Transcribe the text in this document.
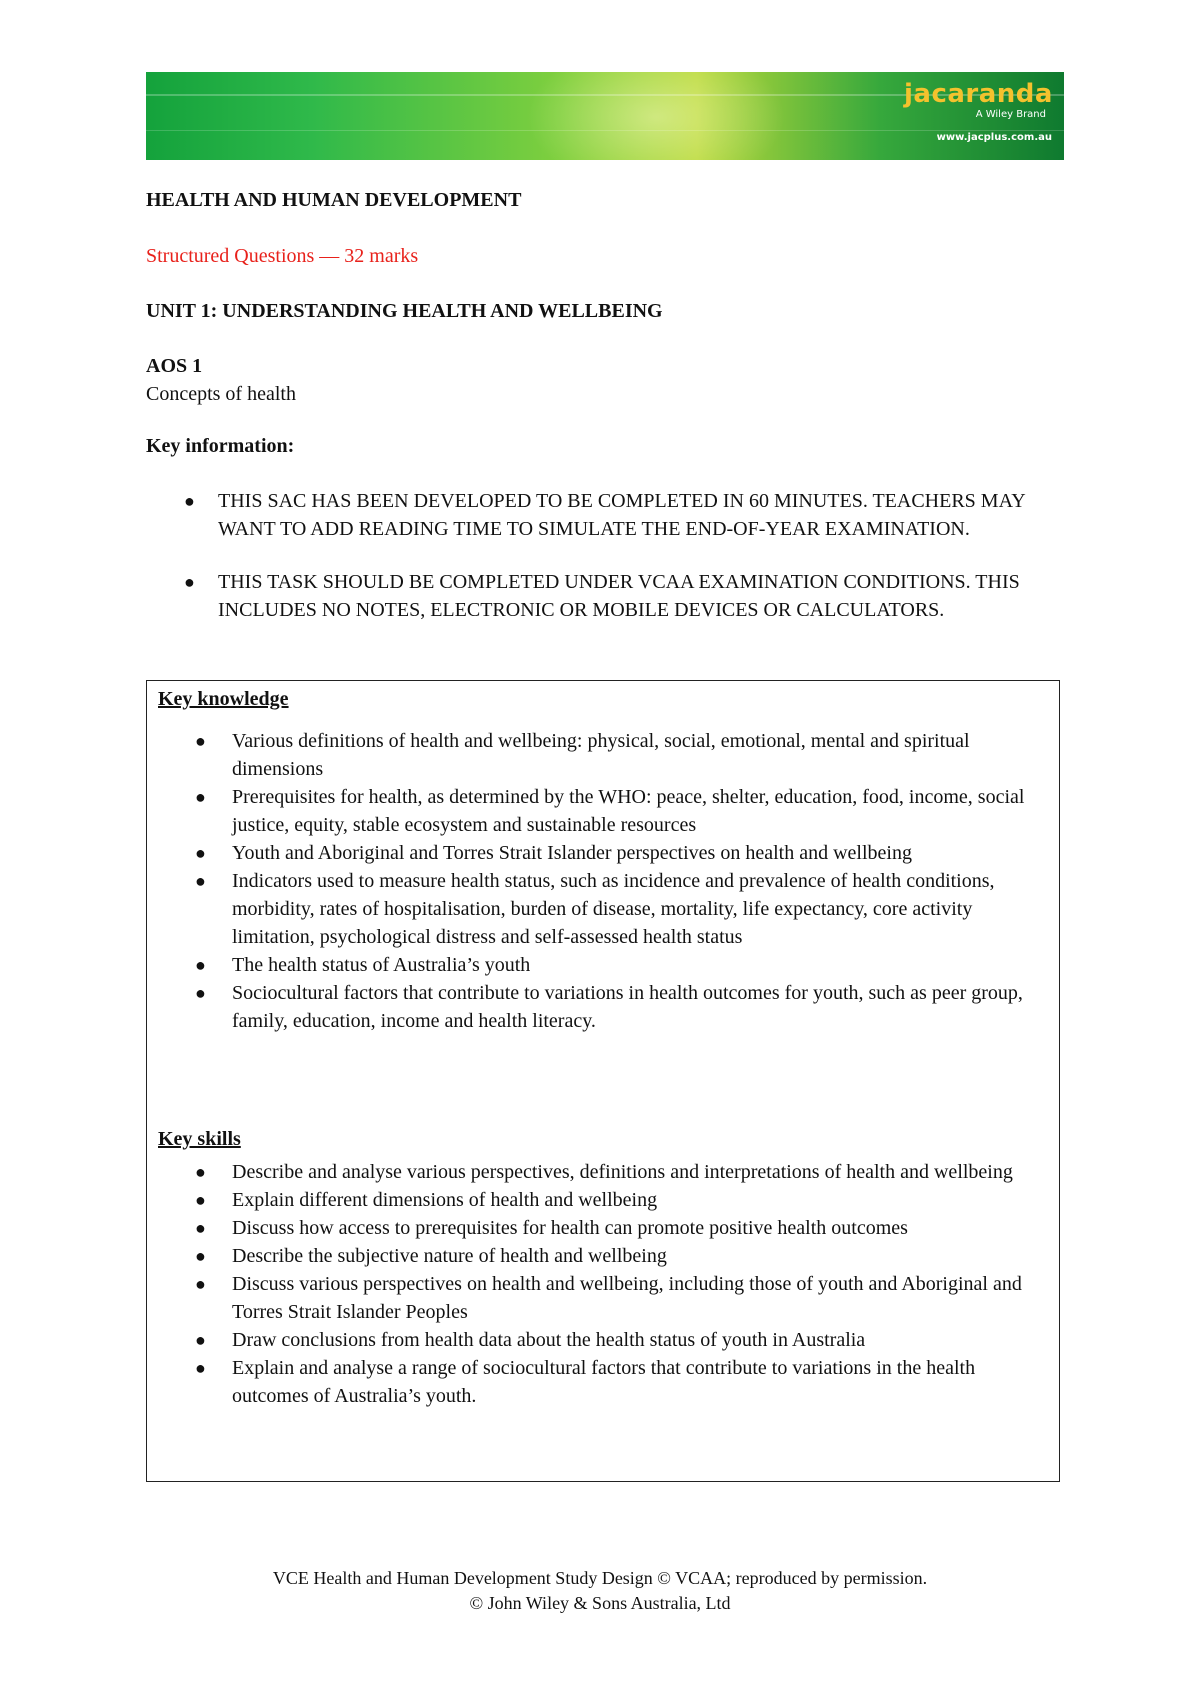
jacaranda
A Wiley Brand
www.jacplus.com.au
HEALTH AND HUMAN DEVELOPMENT
Structured Questions — 32 marks
UNIT 1: UNDERSTANDING HEALTH AND WELLBEING
AOS 1
Concepts of health
Key information:
● THIS SAC HAS BEEN DEVELOPED TO BE COMPLETED IN 60 MINUTES. TEACHERS MAY WANT TO ADD READING TIME TO SIMULATE THE END-OF-YEAR EXAMINATION.
● THIS TASK SHOULD BE COMPLETED UNDER VCAA EXAMINATION CONDITIONS. THIS INCLUDES NO NOTES, ELECTRONIC OR MOBILE DEVICES OR CALCULATORS.
Key knowledge
● Various definitions of health and wellbeing: physical, social, emotional, mental and spiritual dimensions
● Prerequisites for health, as determined by the WHO: peace, shelter, education, food, income, social justice, equity, stable ecosystem and sustainable resources
● Youth and Aboriginal and Torres Strait Islander perspectives on health and wellbeing
● Indicators used to measure health status, such as incidence and prevalence of health conditions, morbidity, rates of hospitalisation, burden of disease, mortality, life expectancy, core activity limitation, psychological distress and self-assessed health status
● The health status of Australia’s youth
● Sociocultural factors that contribute to variations in health outcomes for youth, such as peer group, family, education, income and health literacy.
Key skills
● Describe and analyse various perspectives, definitions and interpretations of health and wellbeing
● Explain different dimensions of health and wellbeing
● Discuss how access to prerequisites for health can promote positive health outcomes
● Describe the subjective nature of health and wellbeing
● Discuss various perspectives on health and wellbeing, including those of youth and Aboriginal and Torres Strait Islander Peoples
● Draw conclusions from health data about the health status of youth in Australia
● Explain and analyse a range of sociocultural factors that contribute to variations in the health outcomes of Australia’s youth.
VCE Health and Human Development Study Design © VCAA; reproduced by permission.
© John Wiley & Sons Australia, Ltd
